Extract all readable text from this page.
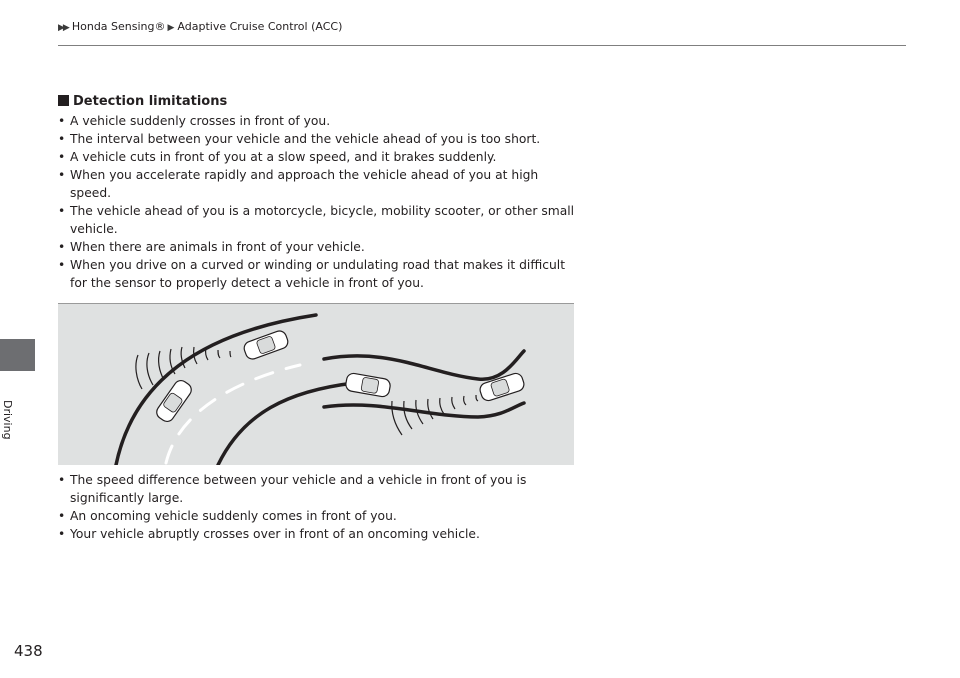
▶▶ Honda Sensing® ▶ Adaptive Cruise Control (ACC)
Driving
Detection limitations
• A vehicle suddenly crosses in front of you.
• The interval between your vehicle and the vehicle ahead of you is too short.
• A vehicle cuts in front of you at a slow speed, and it brakes suddenly.
• When you accelerate rapidly and approach the vehicle ahead of you at high speed.
• The vehicle ahead of you is a motorcycle, bicycle, mobility scooter, or other small vehicle.
• When there are animals in front of your vehicle.
• When you drive on a curved or winding or undulating road that makes it difficult for the sensor to properly detect a vehicle in front of you.
• The speed difference between your vehicle and a vehicle in front of you is significantly large.
• An oncoming vehicle suddenly comes in front of you.
• Your vehicle abruptly crosses over in front of an oncoming vehicle.
438
